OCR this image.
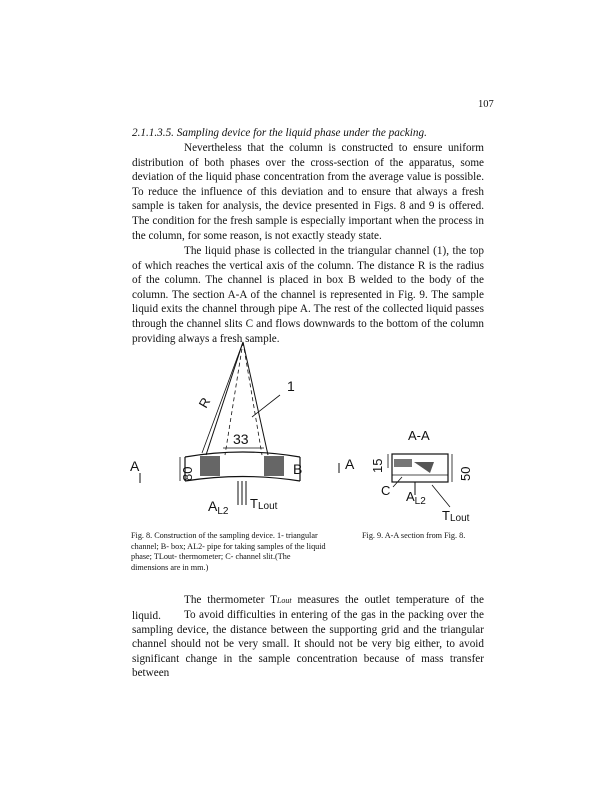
107
2.1.1.3.5. Sampling device for the liquid phase under the packing.
Nevertheless that the column is constructed to ensure uniform distribution of both phases over the cross-section of the apparatus, some deviation of the liquid phase concentration from the average value is possible. To reduce the influence of this deviation and to ensure that always a fresh sample is taken for analysis, the device presented in Figs. 8 and 9 is offered. The condition for the fresh sample is especially important when the process in the column, for some reason, is not exactly steady state.
The liquid phase is collected in the triangular channel (1), the top of which reaches the vertical axis of the column. The distance R is the radius of the column. The channel is placed in box B welded to the body of the column. The section A-A of the channel is represented in Fig. 9. The sample liquid exits the channel through pipe A. The rest of the collected liquid passes through the channel slits C and flows downwards to the bottom of the column providing always a fresh sample.
R
1
33
A	80	B	A
$A_{L2}$
TLout
A-A
15
50
C $A_{L2}$
TLout
Fig. 8. Construction of the sampling device. 1- triangular channel; B- box; AL2- pipe for taking samples of the liquid phase; TLout- thermometer; C- channel slit.(The dimensions are in mm.)
Fig. 9. A-A section from Fig. 8.
The thermometer TLout measures the outlet temperature of the liquid.	To avoid difficulties in entering of the gas in the packing over the sampling device, the distance between the supporting grid and the triangular channel should not be very small. It should not be very big either, to avoid significant change in the sample concentration because of mass transfer between
